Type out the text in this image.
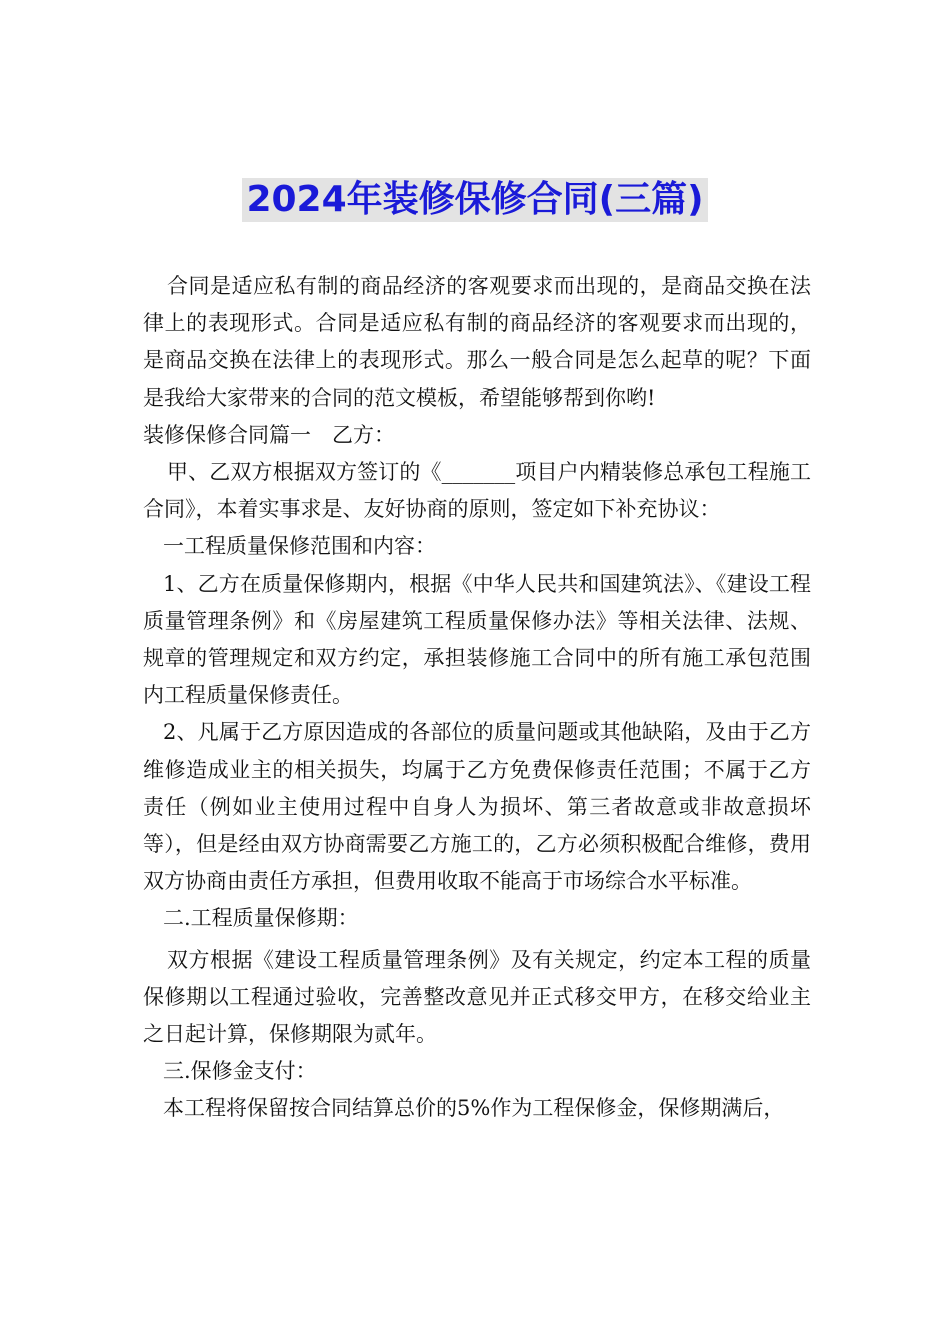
2024年装修保修合同(三篇)

合同是适应私有制的商品经济的客观要求而出现的，是商品交换在法律上的表现形式。合同是适应私有制的商品经济的客观要求而出现的，是商品交换在法律上的表现形式。那么一般合同是怎么起草的呢？下面是我给大家带来的合同的范文模板，希望能够帮到你哟!

装修保修合同篇一　乙方：

甲、乙双方根据双方签订的《_______项目户内精装修总承包工程施工合同》，本着实事求是、友好协商的原则，签定如下补充协议：

一工程质量保修范围和内容：

1、乙方在质量保修期内，根据《中华人民共和国建筑法》、《建设工程质量管理条例》和《房屋建筑工程质量保修办法》等相关法律、法规、规章的管理规定和双方约定，承担装修施工合同中的所有施工承包范围内工程质量保修责任。

2、凡属于乙方原因造成的各部位的质量问题或其他缺陷，及由于乙方维修造成业主的相关损失，均属于乙方免费保修责任范围；不属于乙方责任（例如业主使用过程中自身人为损坏、第三者故意或非故意损坏等），但是经由双方协商需要乙方施工的，乙方必须积极配合维修，费用双方协商由责任方承担，但费用收取不能高于市场综合水平标准。

二.工程质量保修期：

双方根据《建设工程质量管理条例》及有关规定，约定本工程的质量保修期以工程通过验收，完善整改意见并正式移交甲方，在移交给业主之日起计算，保修期限为贰年。

三.保修金支付：

本工程将保留按合同结算总价的5%作为工程保修金，保修期满后，
